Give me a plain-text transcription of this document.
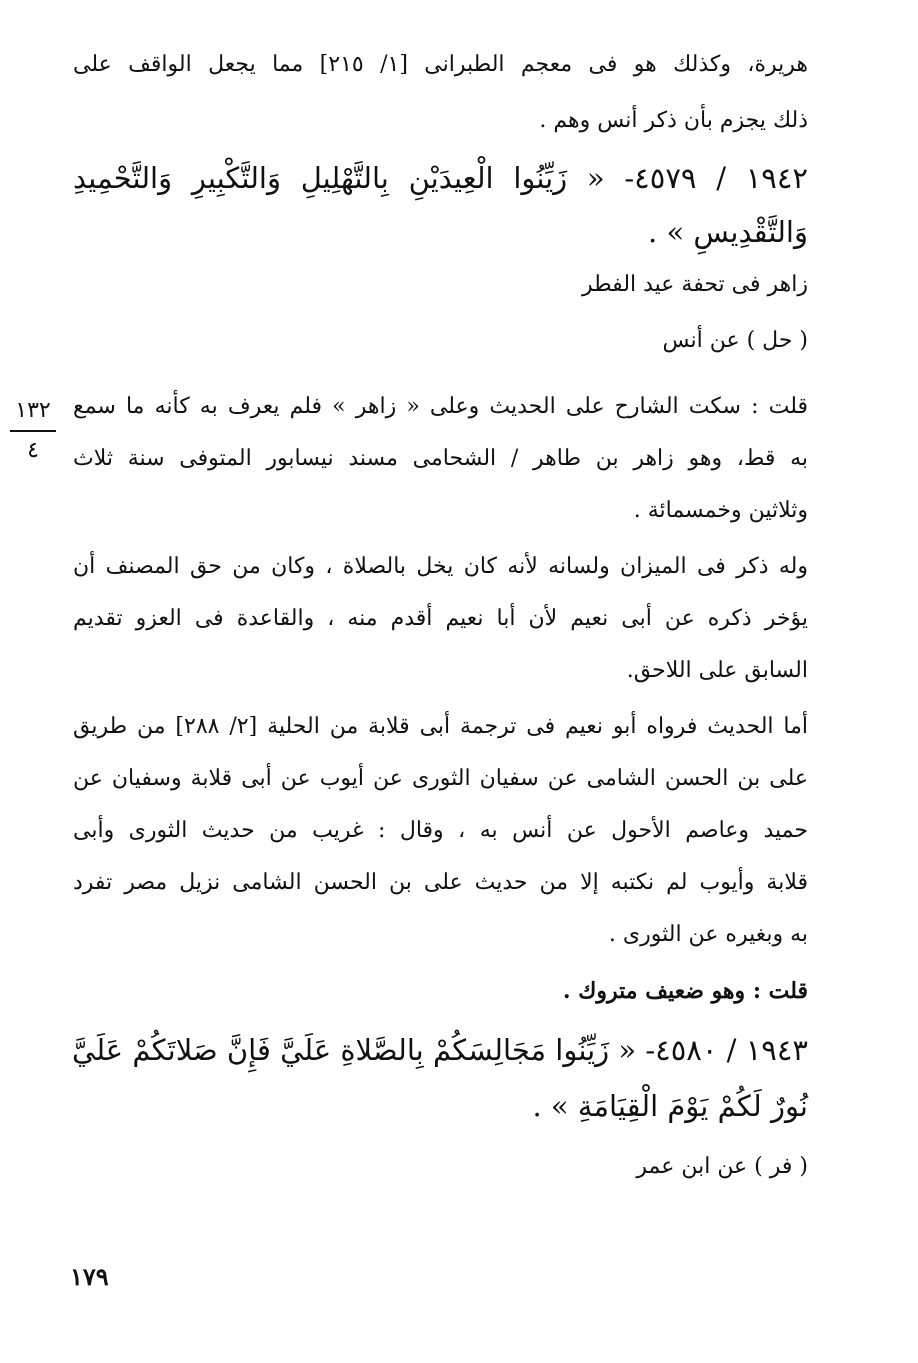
هريرة، وكذلك هو فى معجم الطبرانى [١/ ٢١٥] مما يجعل الواقف على
ذلك يجزم بأن ذكر أنس وهم .
١٩٤٢ / ٤٥٧٩- « زَيِّنُوا الْعِيدَيْنِ بِالتَّهْلِيلِ وَالتَّكْبِيرِ وَالتَّحْمِيدِ
وَالتَّقْدِيسِ » .
زاهر فى تحفة عيد الفطر
( حل ) عن أنس
قلت : سكت الشارح على الحديث وعلى « زاهر » فلم يعرف به كأنه ما سمع
به قط، وهو زاهر بن طاهر / الشحامى مسند نيسابور المتوفى سنة ثلاث
وثلاثين وخمسمائة .
وله ذكر فى الميزان ولسانه لأنه كان يخل بالصلاة ، وكان من حق المصنف أن
يؤخر ذكره عن أبى نعيم لأن أبا نعيم أقدم منه ، والقاعدة فى العزو تقديم
السابق على اللاحق.
أما الحديث فرواه أبو نعيم فى ترجمة أبى قلابة من الحلية [٢/ ٢٨٨] من طريق
على بن الحسن الشامى عن سفيان الثورى عن أيوب عن أبى قلابة وسفيان عن
حميد وعاصم الأحول عن أنس به ، وقال : غريب من حديث الثورى وأبى
قلابة وأيوب لم نكتبه إلا من حديث على بن الحسن الشامى نزيل مصر تفرد
به وبغيره عن الثورى .
قلت : وهو ضعيف متروك .
١٩٤٣ / ٤٥٨٠- « زَيِّنُوا مَجَالِسَكُمْ بِالصَّلاةِ عَلَيَّ فَإِنَّ صَلاتَكُمْ عَلَيَّ
نُورٌ لَكُمْ يَوْمَ الْقِيَامَةِ » .
( فر ) عن ابن عمر
١٣٢
٤
١٧٩
